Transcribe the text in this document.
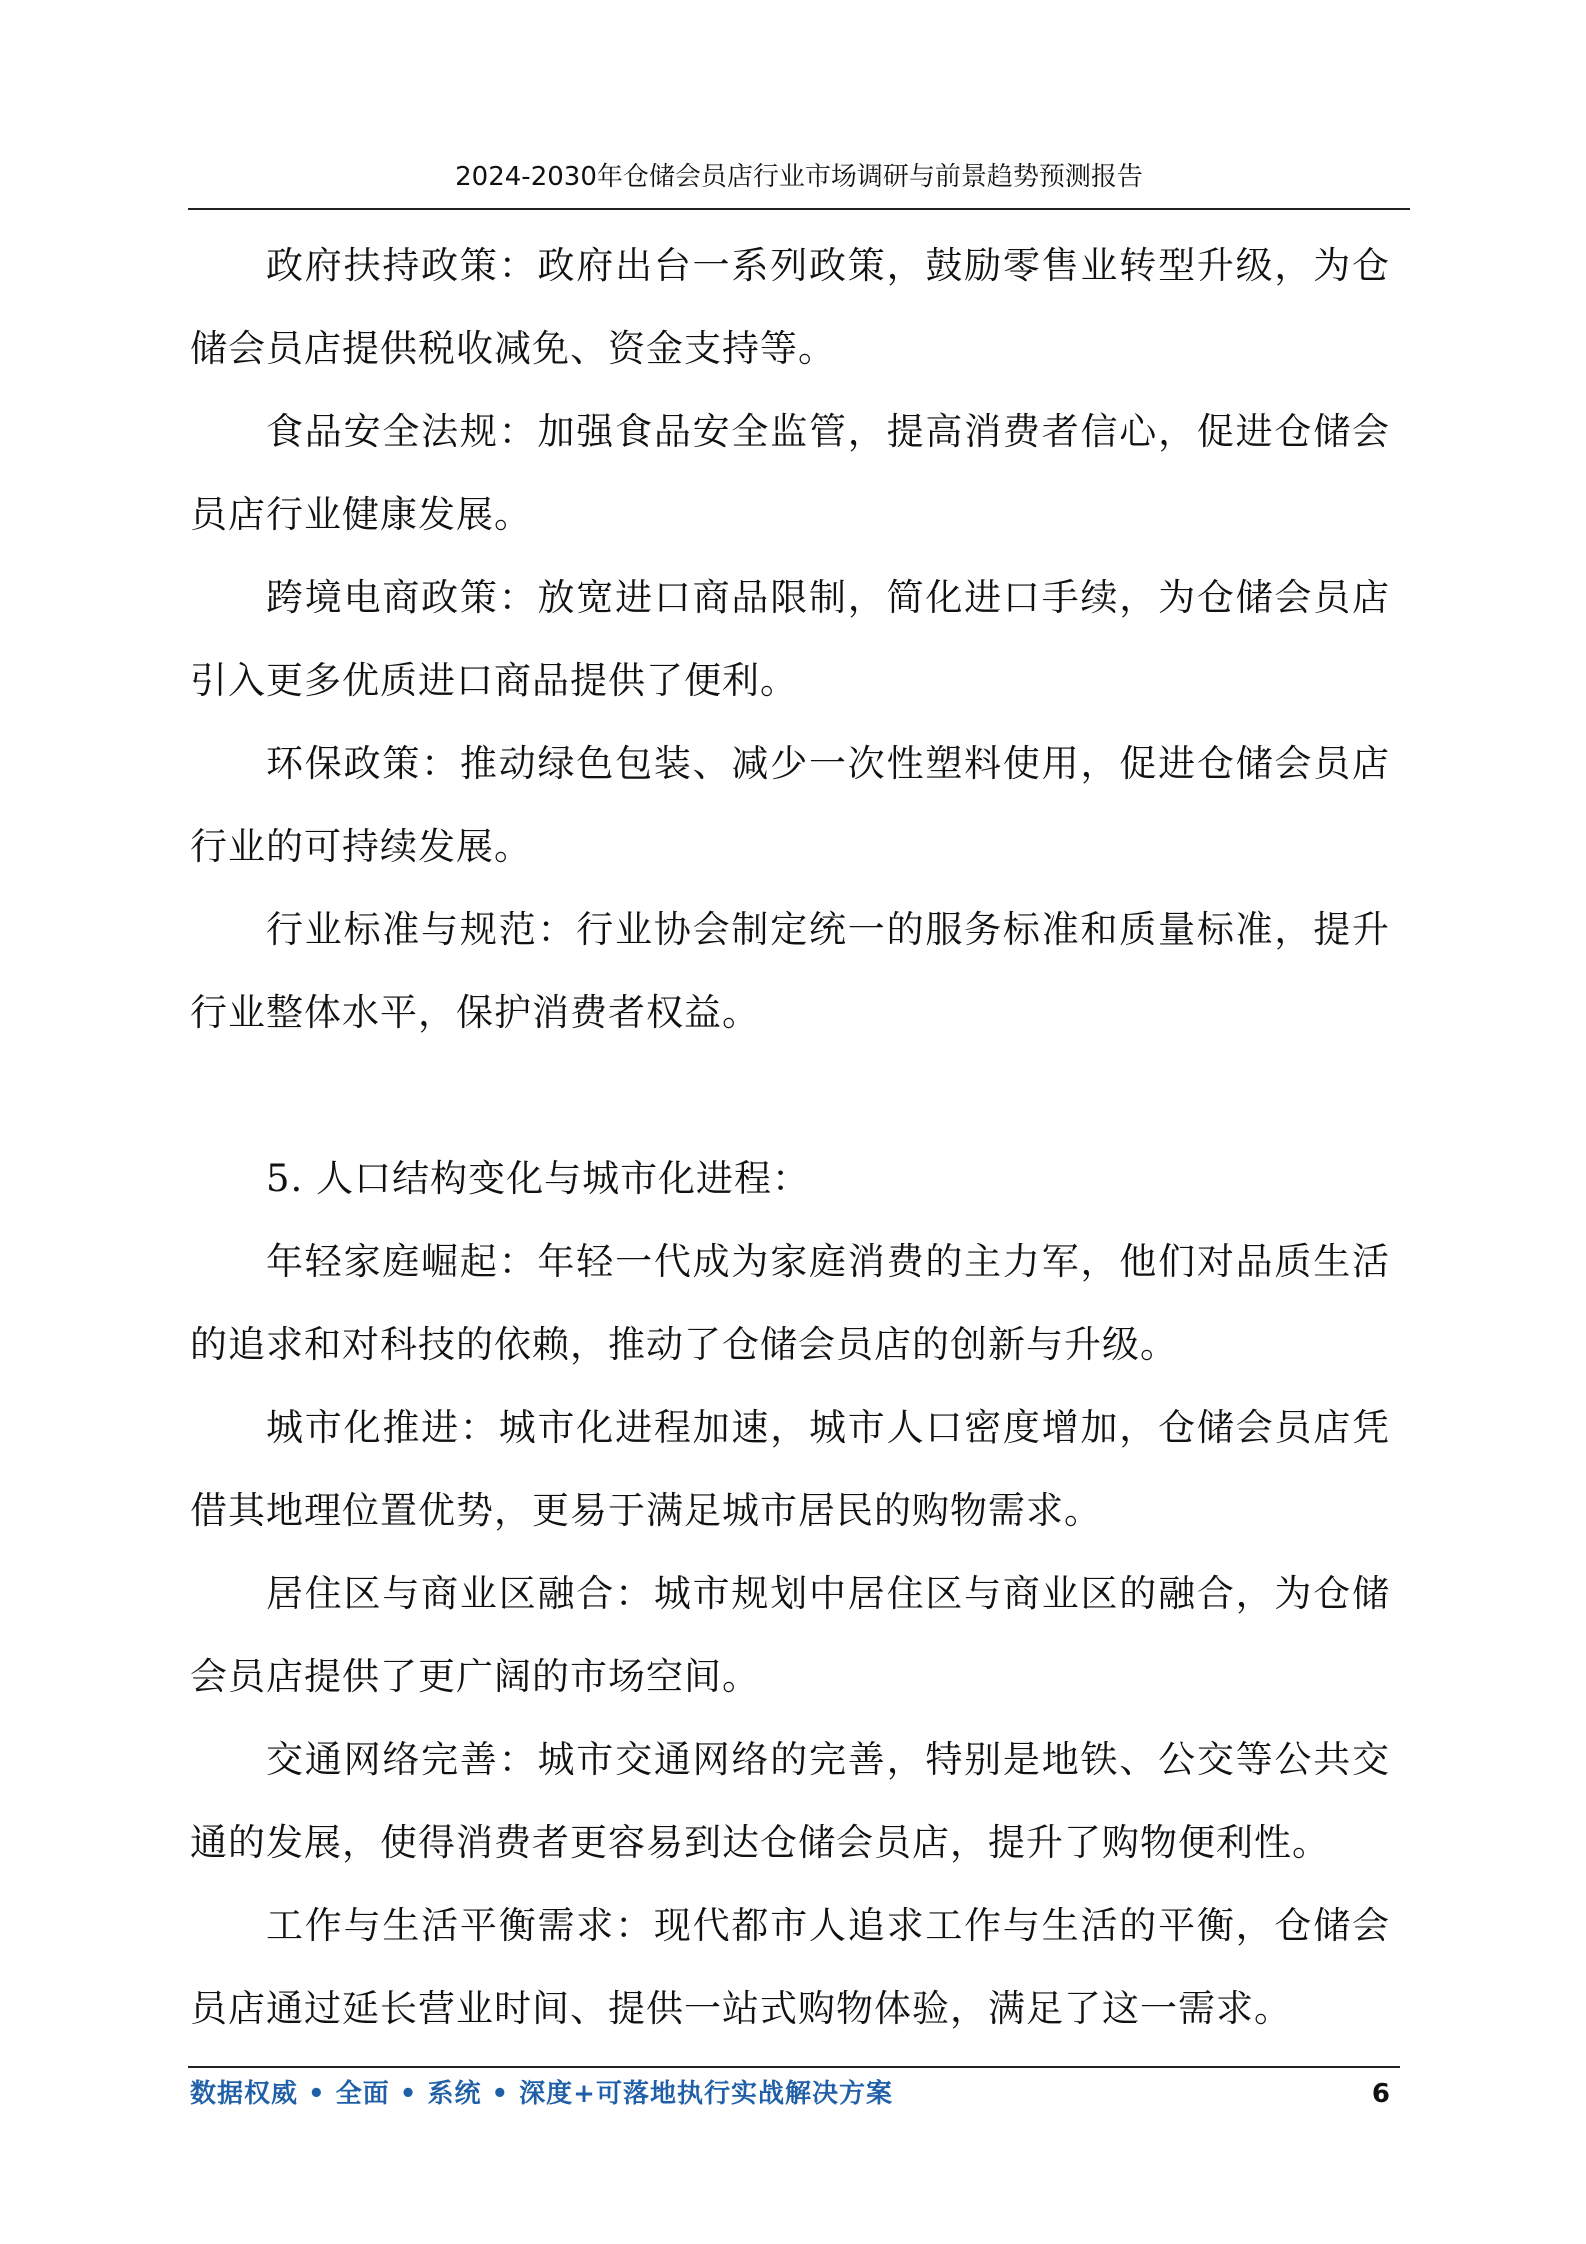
2024-2030年仓储会员店行业市场调研与前景趋势预测报告

政府扶持政策：政府出台一系列政策，鼓励零售业转型升级，为仓储会员店提供税收减免、资金支持等。

食品安全法规：加强食品安全监管，提高消费者信心，促进仓储会员店行业健康发展。

跨境电商政策：放宽进口商品限制，简化进口手续，为仓储会员店引入更多优质进口商品提供了便利。

环保政策：推动绿色包装、减少一次性塑料使用，促进仓储会员店行业的可持续发展。

行业标准与规范：行业协会制定统一的服务标准和质量标准，提升行业整体水平，保护消费者权益。

5. 人口结构变化与城市化进程：

年轻家庭崛起：年轻一代成为家庭消费的主力军，他们对品质生活的追求和对科技的依赖，推动了仓储会员店的创新与升级。

城市化推进：城市化进程加速，城市人口密度增加，仓储会员店凭借其地理位置优势，更易于满足城市居民的购物需求。

居住区与商业区融合：城市规划中居住区与商业区的融合，为仓储会员店提供了更广阔的市场空间。

交通网络完善：城市交通网络的完善，特别是地铁、公交等公共交通的发展，使得消费者更容易到达仓储会员店，提升了购物便利性。

工作与生活平衡需求：现代都市人追求工作与生活的平衡，仓储会员店通过延长营业时间、提供一站式购物体验，满足了这一需求。

数据权威 • 全面 • 系统 • 深度+可落地执行实战解决方案	6
